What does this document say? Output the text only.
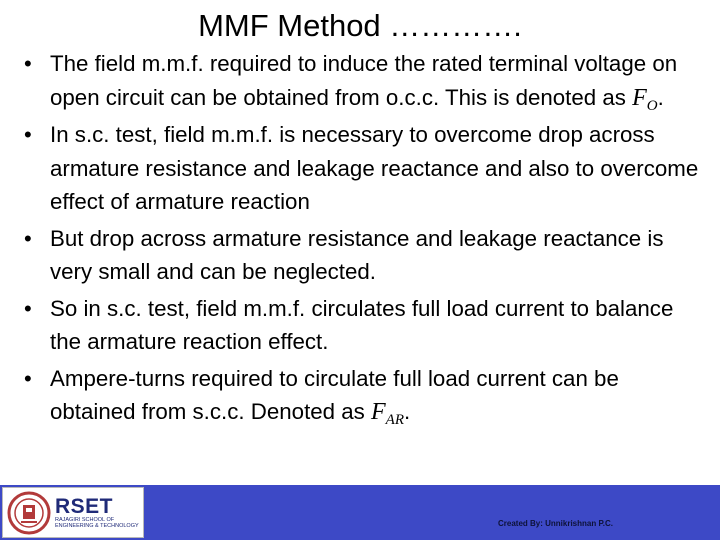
MMF Method ………….
• The field m.m.f. required to induce the rated terminal voltage on open circuit can be obtained from o.c.c. This is denoted as $F_O$.
• In s.c. test, field m.m.f. is necessary to overcome drop across armature resistance and leakage reactance and also to overcome effect of armature reaction
• But drop across armature resistance and leakage reactance is very small and can be neglected.
• So in s.c. test, field m.m.f. circulates full load current to balance the armature reaction effect.
• Ampere-turns required to circulate full load current can be obtained from s.c.c. Denoted as $F_{AR}$.
RSET
RAJAGIRI SCHOOL OF
ENGINEERING & TECHNOLOGY	Created By: Unnikrishnan P.C.
